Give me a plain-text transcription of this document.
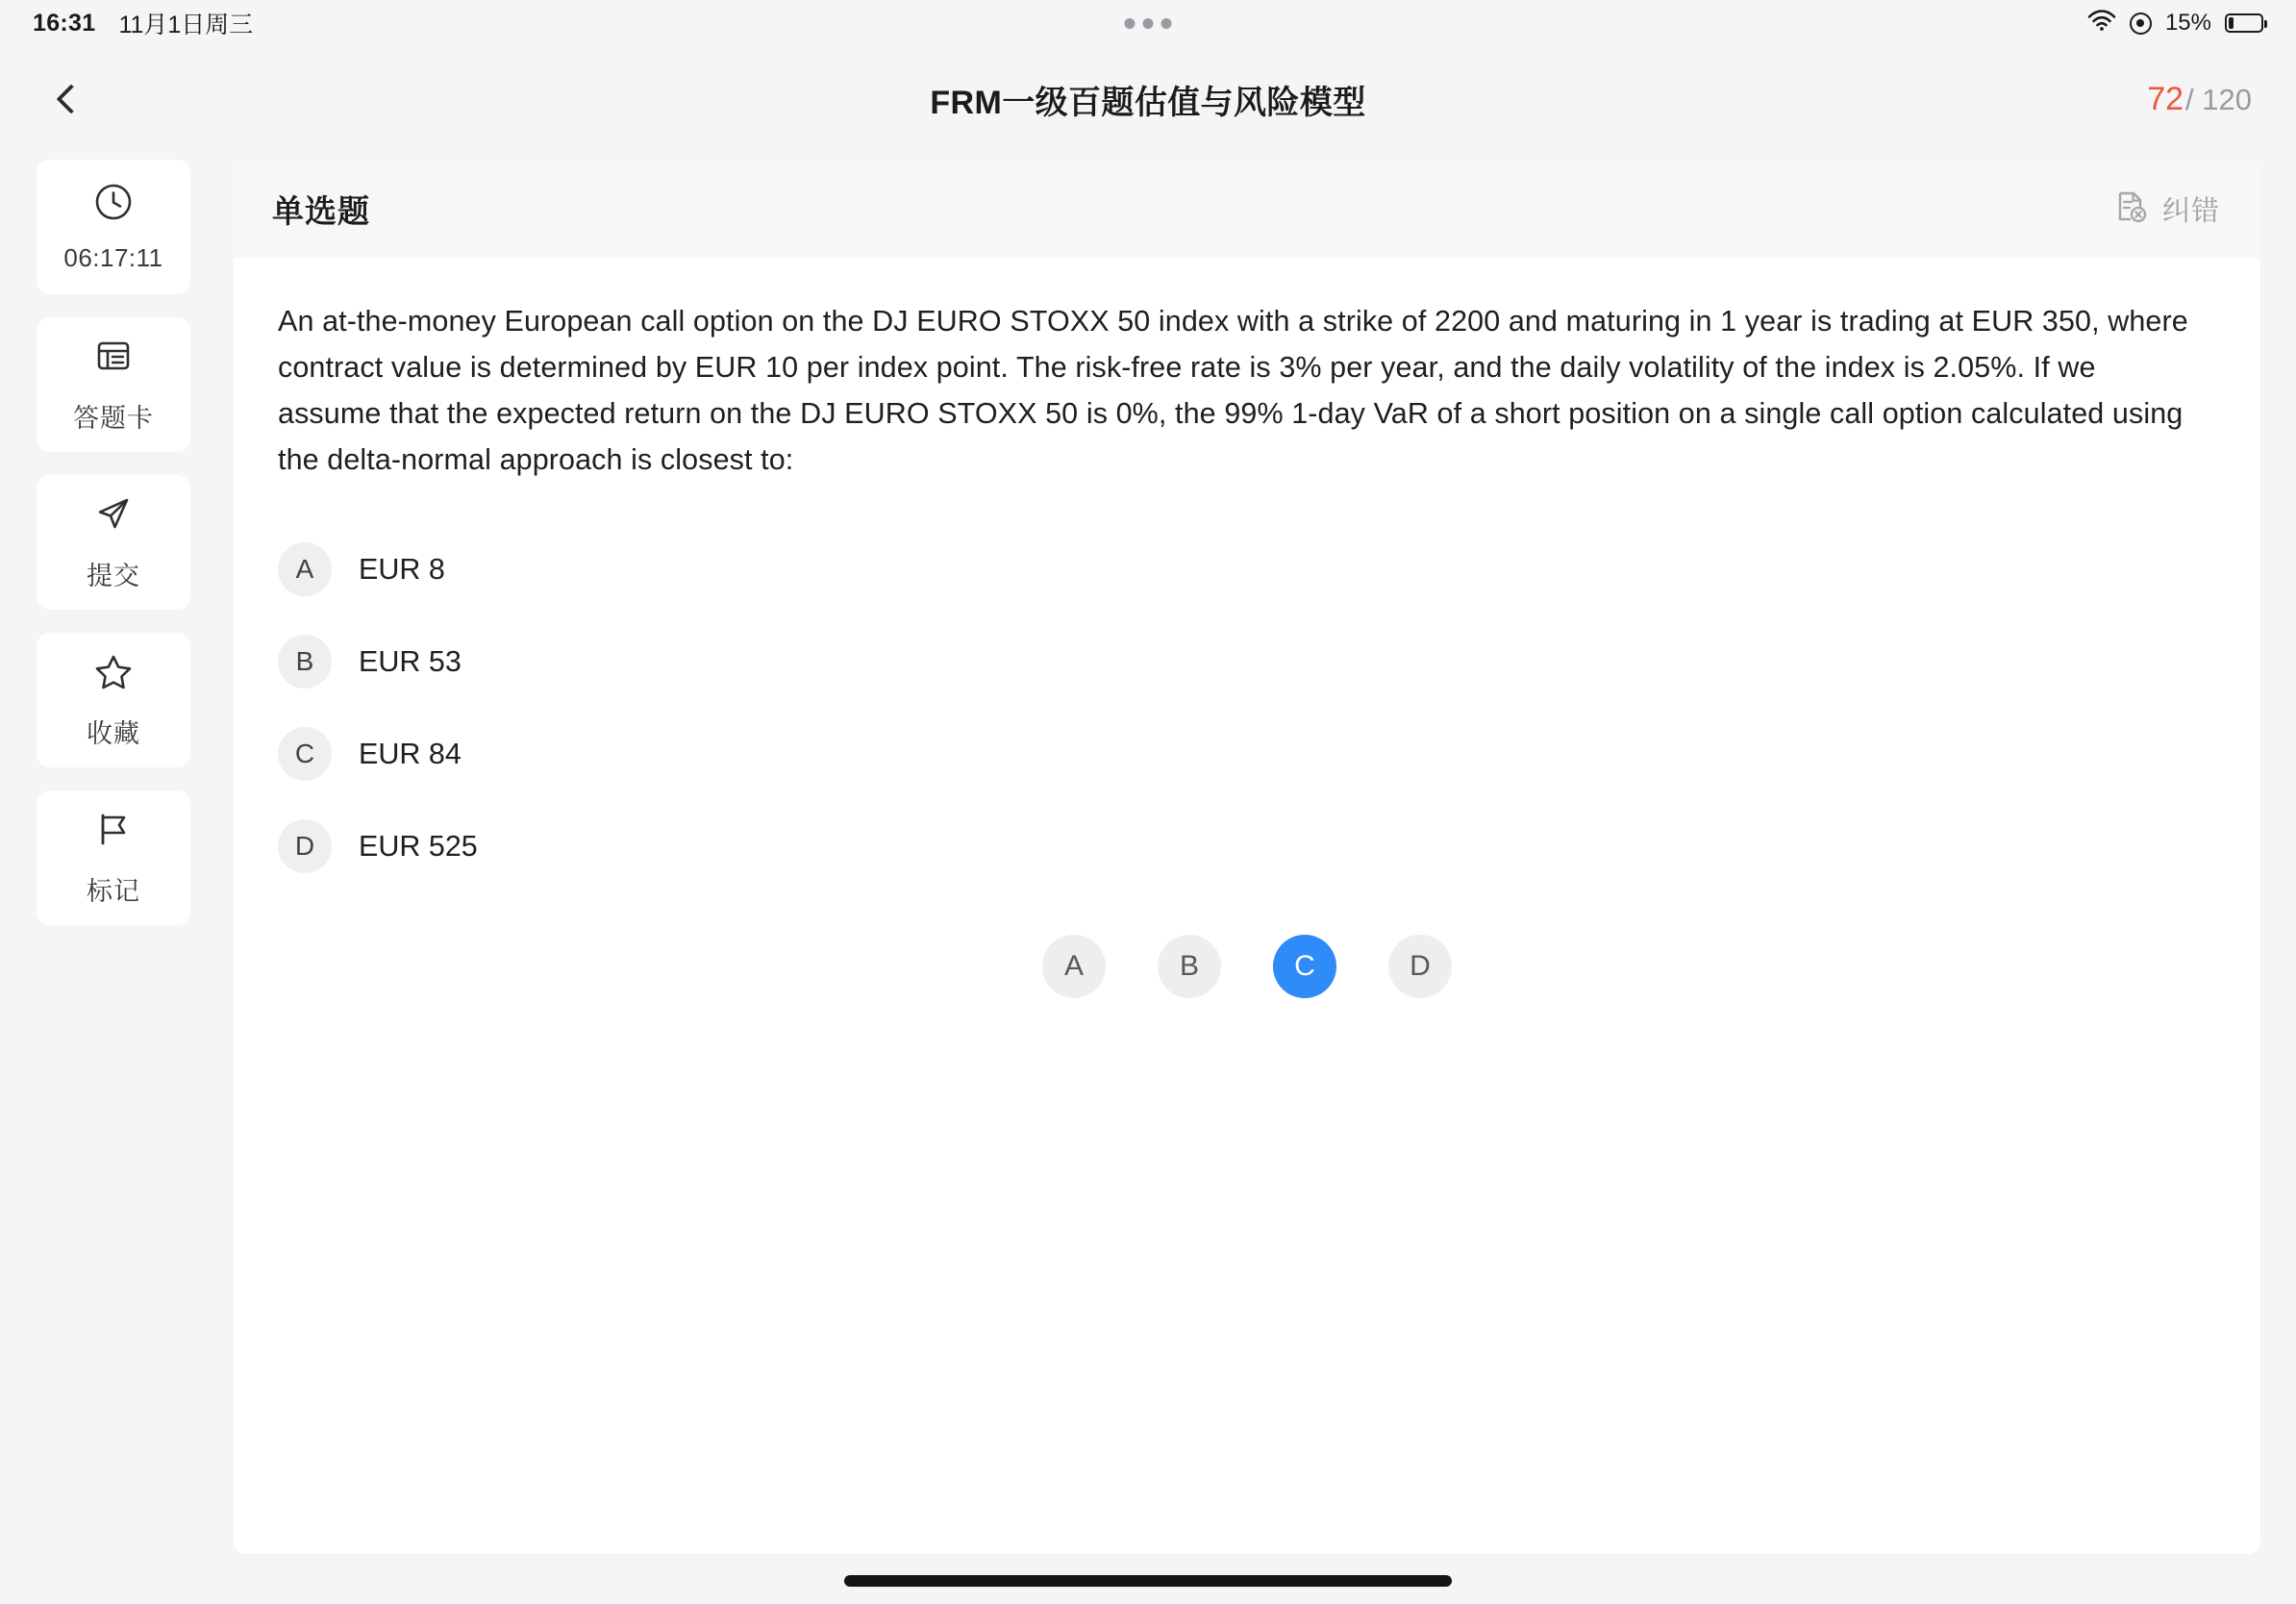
16:31 11月1日周三	15%
FRM一级百题估值与风险模型	72 / 120
06:17:11
答题卡
提交
收藏
标记
单选题	纠错
An at-the-money European call option on the DJ EURO STOXX 50 index with a strike of 2200 and maturing in 1 year is trading at EUR 350, where contract value is determined by EUR 10 per index point. The risk-free rate is 3% per year, and the daily volatility of the index is 2.05%. If we assume that the expected return on the DJ EURO STOXX 50 is 0%, the 99% 1-day VaR of a short position on a single call option calculated using the delta-normal approach is closest to:
A	EUR 8
B	EUR 53
C	EUR 84
D	EUR 525
A	B	C	D
